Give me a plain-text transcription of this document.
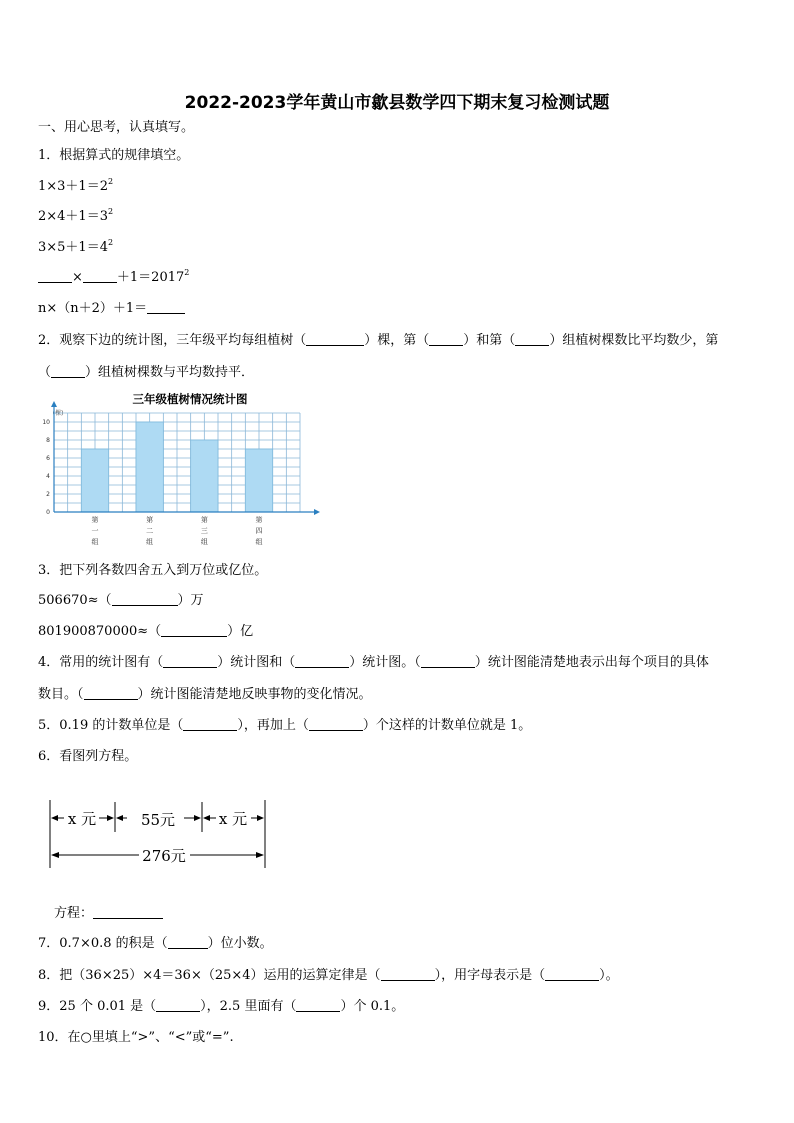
2022-2023学年黄山市歙县数学四下期末复习检测试题
一、用心思考，认真填写。
1．根据算式的规律填空。
$1\times 3+1=2^2$
$2\times 4+1=3^2$
$3\times 5+1=4^2$
×	$+1=2017^2$
n×（n＋2）＋1＝
2．观察下边的统计图，三年级平均每组植树（	）棵，第（	）和第（	）组植树棵数比平均数少，第
（	）组植树棵数与平均数持平．
三年级植树情况统计图
(棵)
0
2
4
6
8
10
第一组
第二组
第三组
第四组
3．把下列各数四舍五入到万位或亿位。
506670≈（	）万
801900870000≈（	）亿
4．常用的统计图有（	）统计图和（	）统计图。（	）统计图能清楚地表示出每个项目的具体
数目。（	）统计图能清楚地反映事物的变化情况。
5．0.19 的计数单位是（	），再加上（	）个这样的计数单位就是 1。
6．看图列方程。
x 元	55元	x 元
276元
方程：
7．0.7×0.8 的积是（	）位小数。
8．把（36×25）×4＝36×（25×4）运用的运算定律是（	），用字母表示是（	）。
9．25 个 0.01 是（	），2.5 里面有（	）个 0.1。
10．在○里填上“>”、“<”或“=”.
